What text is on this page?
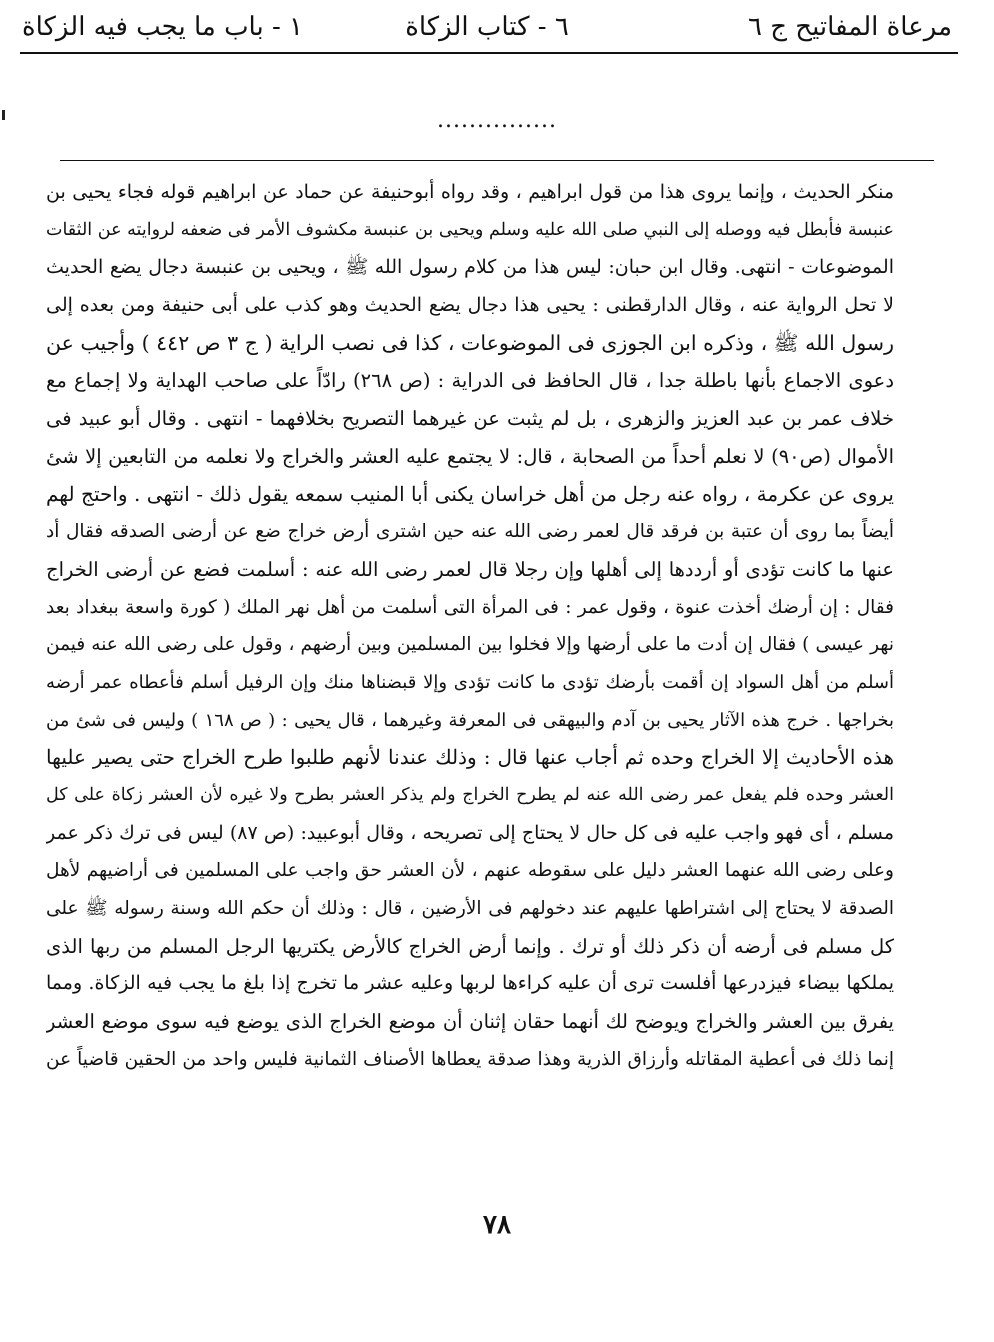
مرعاة المفاتيح ج ٦
٦ - كتاب الزكاة
١ - باب ما يجب فيه الزكاة
...............
منكر الحديث ، وإنما يروى هذا من قول ابراهيم ، وقد رواه أبوحنيفة عن حماد عن ابراهيم قوله فجاء يحيى بن
عنبسة فأبطل فيه ووصله إلى النبي صلى الله عليه وسلم ويحيى بن عنبسة مكشوف الأمر فى ضعفه لروايته عن الثقات
الموضوعات - انتهى. وقال ابن حبان: ليس هذا من كلام رسول الله ﷺ ، ويحيى بن عنبسة دجال يضع الحديث
لا تحل الرواية عنه ، وقال الدارقطنى : يحيى هذا دجال يضع الحديث وهو كذب على أبى حنيفة ومن بعده إلى
رسول الله ﷺ ، وذكره ابن الجوزى فى الموضوعات ، كذا فى نصب الراية ( ج ٣ ص ٤٤٢ ) وأجيب عن
دعوى الاجماع بأنها باطلة جدا ، قال الحافظ فى الدراية : (ص ٢٦٨) رادّاً على صاحب الهداية ولا إجماع مع
خلاف عمر بن عبد العزيز والزهرى ، بل لم يثبت عن غيرهما التصريح بخلافهما - انتهى . وقال أبو عبيد فى
الأموال (ص٩٠) لا نعلم أحداً من الصحابة ، قال: لا يجتمع عليه العشر والخراج ولا نعلمه من التابعين إلا شئ
يروى عن عكرمة ، رواه عنه رجل من أهل خراسان يكنى أبا المنيب سمعه يقول ذلك - انتهى . واحتج لهم
أيضاً بما روى أن عتبة بن فرقد قال لعمر رضى الله عنه حين اشترى أرض خراج ضع عن أرضى الصدقه فقال أد
عنها ما كانت تؤدى أو أرددها إلى أهلها وإن رجلا قال لعمر رضى الله عنه : أسلمت فضع عن أرضى الخراج
فقال : إن أرضك أخذت عنوة ، وقول عمر : فى المرأة التى أسلمت من أهل نهر الملك ( كورة واسعة ببغداد بعد
نهر عيسى ) فقال إن أدت ما على أرضها وإلا فخلوا بين المسلمين وبين أرضهم ، وقول على رضى الله عنه فيمن
أسلم من أهل السواد إن أقمت بأرضك تؤدى ما كانت تؤدى وإلا قبضناها منك وإن الرفيل أسلم فأعطاه عمر أرضه
بخراجها . خرج هذه الآثار يحيى بن آدم والبيهقى فى المعرفة وغيرهما ، قال يحيى : ( ص ١٦٨ ) وليس فى شئ من
هذه الأحاديث إلا الخراج وحده ثم أجاب عنها قال : وذلك عندنا لأنهم طلبوا طرح الخراج حتى يصير عليها
العشر وحده فلم يفعل عمر رضى الله عنه لم يطرح الخراج ولم يذكر العشر بطرح ولا غيره لأن العشر زكاة على كل
مسلم ، أى فهو واجب عليه فى كل حال لا يحتاج إلى تصريحه ، وقال أبوعبيد: (ص ٨٧) ليس فى ترك ذكر عمر
وعلى رضى الله عنهما العشر دليل على سقوطه عنهم ، لأن العشر حق واجب على المسلمين فى أراضيهم لأهل
الصدقة لا يحتاج إلى اشتراطها عليهم عند دخولهم فى الأرضين ، قال : وذلك أن حكم الله وسنة رسوله ﷺ على
كل مسلم فى أرضه أن ذكر ذلك أو ترك . وإنما أرض الخراج كالأرض يكتريها الرجل المسلم من ربها الذى
يملكها بيضاء فيزدرعها أفلست ترى أن عليه كراءها لربها وعليه عشر ما تخرج إذا بلغ ما يجب فيه الزكاة. ومما
يفرق بين العشر والخراج ويوضح لك أنهما حقان إثنان أن موضع الخراج الذى يوضع فيه سوى موضع العشر
إنما ذلك فى أعطية المقاتله وأرزاق الذرية وهذا صدقة يعطاها الأصناف الثمانية فليس واحد من الحقين قاضياً عن
٧٨
